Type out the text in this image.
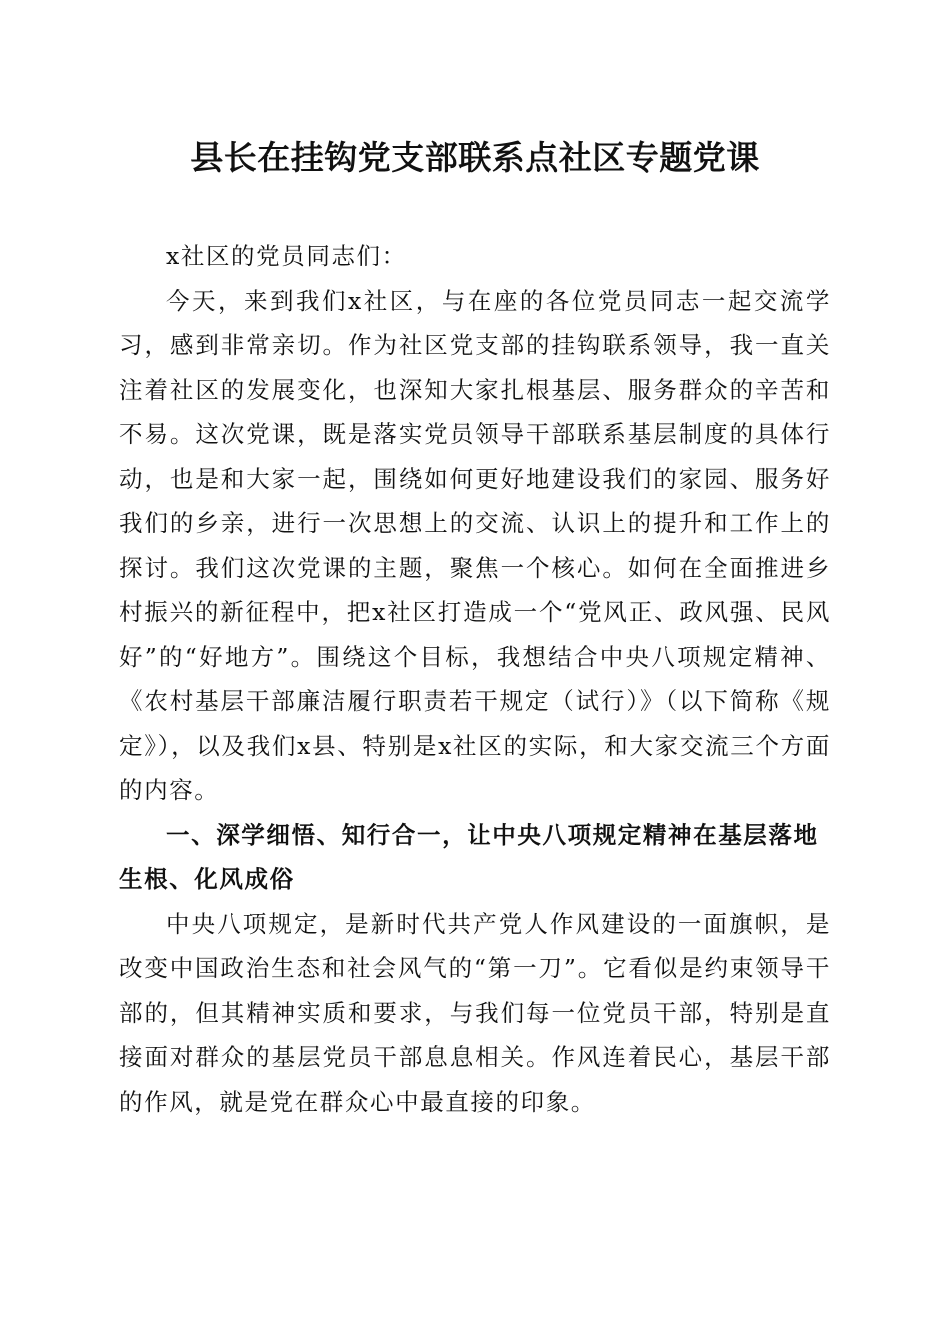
县长在挂钩党支部联系点社区专题党课

x社区的党员同志们：

今天，来到我们x社区，与在座的各位党员同志一起交流学习，感到非常亲切。作为社区党支部的挂钩联系领导，我一直关注着社区的发展变化，也深知大家扎根基层、服务群众的辛苦和不易。这次党课，既是落实党员领导干部联系基层制度的具体行动，也是和大家一起，围绕如何更好地建设我们的家园、服务好我们的乡亲，进行一次思想上的交流、认识上的提升和工作上的探讨。我们这次党课的主题，聚焦一个核心。如何在全面推进乡村振兴的新征程中，把x社区打造成一个“党风正、政风强、民风好”的“好地方”。围绕这个目标，我想结合中央八项规定精神、《农村基层干部廉洁履行职责若干规定（试行）》（以下简称《规定》），以及我们x县、特别是x社区的实际，和大家交流三个方面的内容。

一、深学细悟、知行合一，让中央八项规定精神在基层落地生根、化风成俗

中央八项规定，是新时代共产党人作风建设的一面旗帜，是改变中国政治生态和社会风气的“第一刀”。它看似是约束领导干部的，但其精神实质和要求，与我们每一位党员干部，特别是直接面对群众的基层党员干部息息相关。作风连着民心，基层干部的作风，就是党在群众心中最直接的印象。
